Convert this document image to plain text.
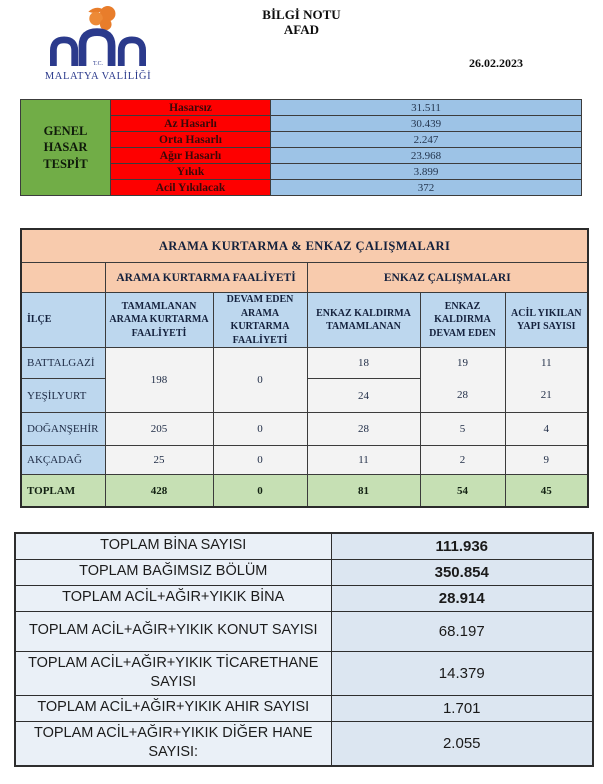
T.C.
MALATYA VALİLİĞİ
BİLGİ NOTU
AFAD
26.02.2023
GENEL HASAR TESPİT	Hasarsız	31.511
	Az Hasarlı	30.439
	Orta Hasarlı	2.247
	Ağır Hasarlı	23.968
	Yıkık	3.899
	Acil Yıkılacak	372
ARAMA KURTARMA & ENKAZ ÇALIŞMALARI					
	ARAMA KURTARMA FAALİYETİ		ENKAZ ÇALIŞMALARI		
İLÇE	TAMAMLANAN ARAMA KURTARMA FAALİYETİ	DEVAM EDEN ARAMA KURTARMA FAALİYETİ	ENKAZ KALDIRMA TAMAMLANAN	ENKAZ KALDIRMA DEVAM EDEN	ACİL YIKILAN YAPI SAYISI
BATTALGAZİ	198	0	18	19	11
YEŞİLYURT			24	28	21
DOĞANŞEHİR	205	0	28	5	4
AKÇADAĞ	25	0	11	2	9
TOPLAM	428	0	81	54	45
TOPLAM BİNA SAYISI	111.936
TOPLAM BAĞIMSIZ BÖLÜM	350.854
TOPLAM ACİL+AĞIR+YIKIK BİNA	28.914
TOPLAM ACİL+AĞIR+YIKIK KONUT SAYISI	68.197
TOPLAM ACİL+AĞIR+YIKIK TİCARETHANE SAYISI	14.379
TOPLAM ACİL+AĞIR+YIKIK AHIR SAYISI	1.701
TOPLAM ACİL+AĞIR+YIKIK DİĞER HANE SAYISI:	2.055
